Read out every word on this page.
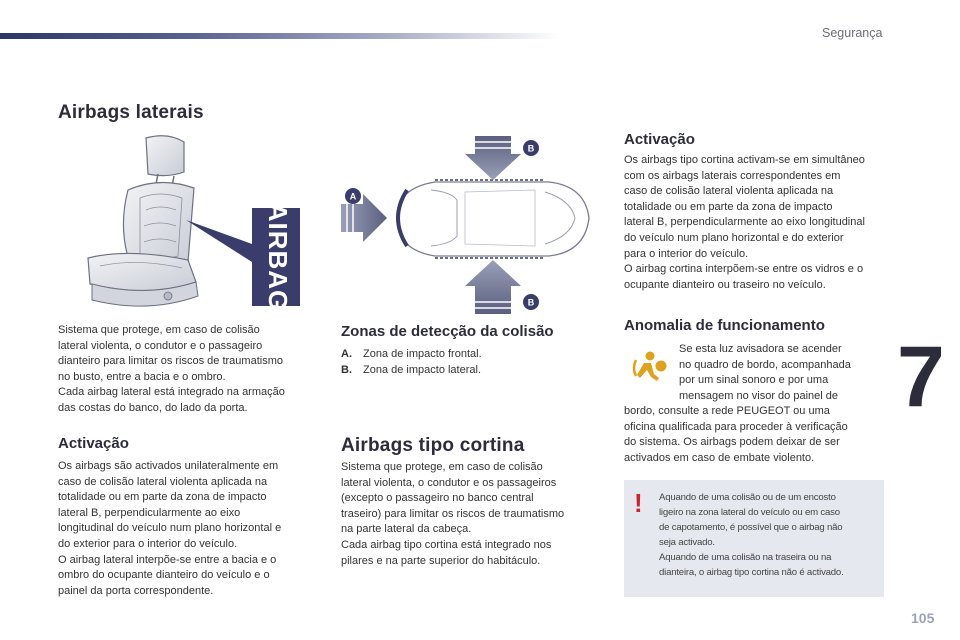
Segurança
7
105
Airbags laterais
AIRBAG

Sistema que protege, em caso de colisão
lateral violenta, o condutor e o passageiro
dianteiro para limitar os riscos de traumatismo
no busto, entre a bacia e o ombro.
Cada airbag lateral está integrado na armação
das costas do banco, do lado da porta.

Activação

Os airbags são activados unilateralmente em
caso de colisão lateral violenta aplicada na
totalidade ou em parte da zona de impacto
lateral B, perpendicularmente ao eixo
longitudinal do veículo num plano horizontal e
do exterior para o interior do veículo.
O airbag lateral interpõe-se entre a bacia e o
ombro do ocupante dianteiro do veículo e o
painel da porta correspondente.

B
B
A
Zonas de detecção da colisão
A.	Zona de impacto frontal.
B.	Zona de impacto lateral.
Airbags tipo cortina

Sistema que protege, em caso de colisão
lateral violenta, o condutor e os passageiros
(excepto o passageiro no banco central
traseiro) para limitar os riscos de traumatismo
na parte lateral da cabeça.
Cada airbag tipo cortina está integrado nos
pilares e na parte superior do habitáculo.

Activação

Os airbags tipo cortina activam-se em simultâneo
com os airbags laterais correspondentes em
caso de colisão lateral violenta aplicada na
totalidade ou em parte da zona de impacto
lateral B, perpendicularmente ao eixo longitudinal
do veículo num plano horizontal e do exterior
para o interior do veículo.
O airbag cortina interpõem-se entre os vidros e o
ocupante dianteiro ou traseiro no veículo.

Anomalia de funcionamento

Se esta luz avisadora se acender
no quadro de bordo, acompanhada
por um sinal sonoro e por uma
mensagem no visor do painel de

bordo, consulte a rede PEUGEOT ou uma
oficina qualificada para proceder à verificação
do sistema. Os airbags podem deixar de ser
activados em caso de embate violento.

! Aquando de uma colisão ou de um encosto
ligeiro na zona lateral do veículo ou em caso
de capotamento, é possível que o airbag não
seja activado.
Aquando de uma colisão na traseira ou na
dianteira, o airbag tipo cortina não é activado.
